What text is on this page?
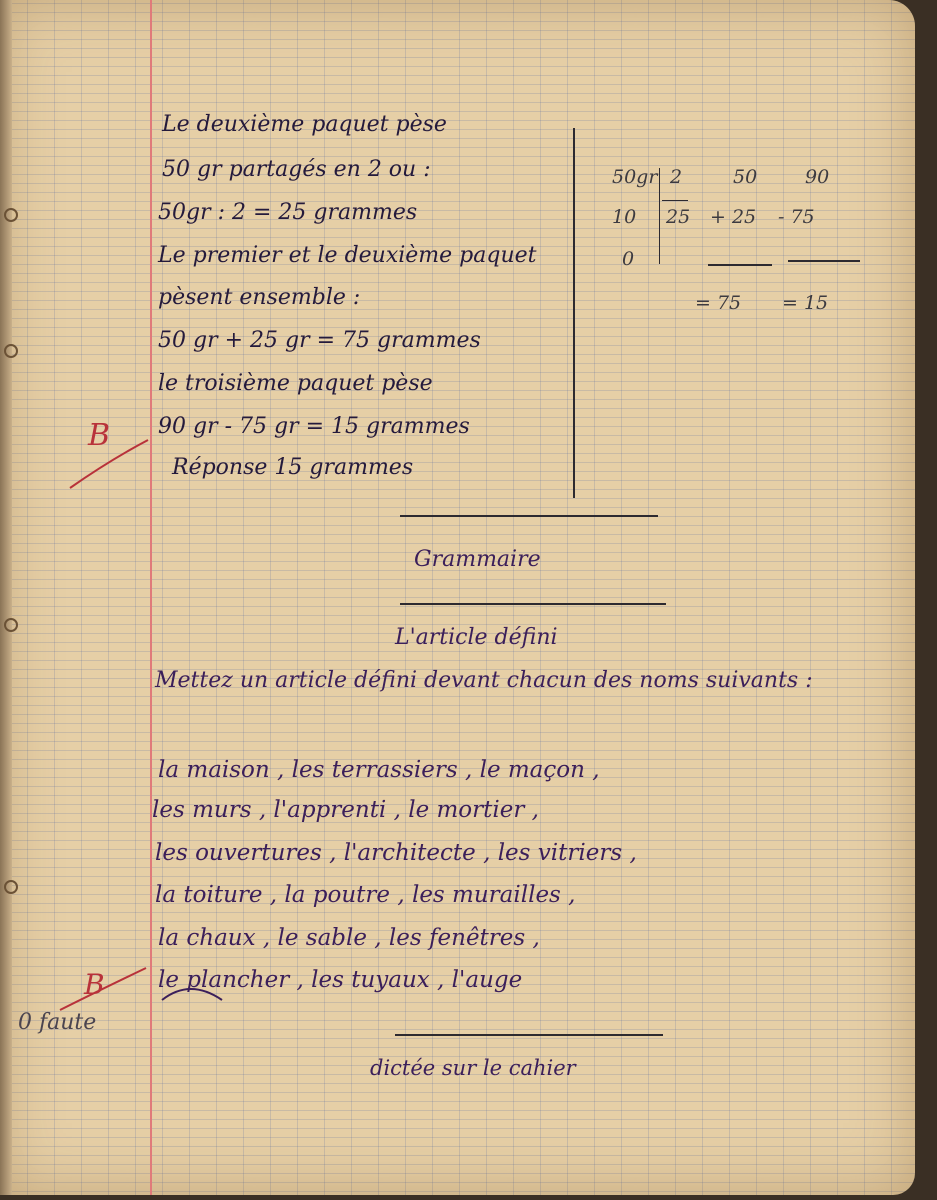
Le deuxième paquet pèse
50 gr partagés en 2 ou :
50gr : 2 = 25 grammes
Le premier et le deuxième paquet
pèsent ensemble :
50 gr + 25 gr = 75 grammes
le troisième paquet pèse
90 gr - 75 gr = 15 grammes
Réponse 15 grammes
50gr 2
10 25
0
50
+ 25
= 75
90
- 75
= 15
B
Grammaire
L'article défini
Mettez un article défini devant chacun des noms suivants :
la maison , les terrassiers , le maçon ,
les murs , l'apprenti , le mortier ,
les ouvertures , l'architecte , les vitriers ,
la toiture , la poutre , les murailles ,
la chaux , le sable , les fenêtres ,
le plancher , les tuyaux , l'auge
B
0 faute
dictée sur le cahier
